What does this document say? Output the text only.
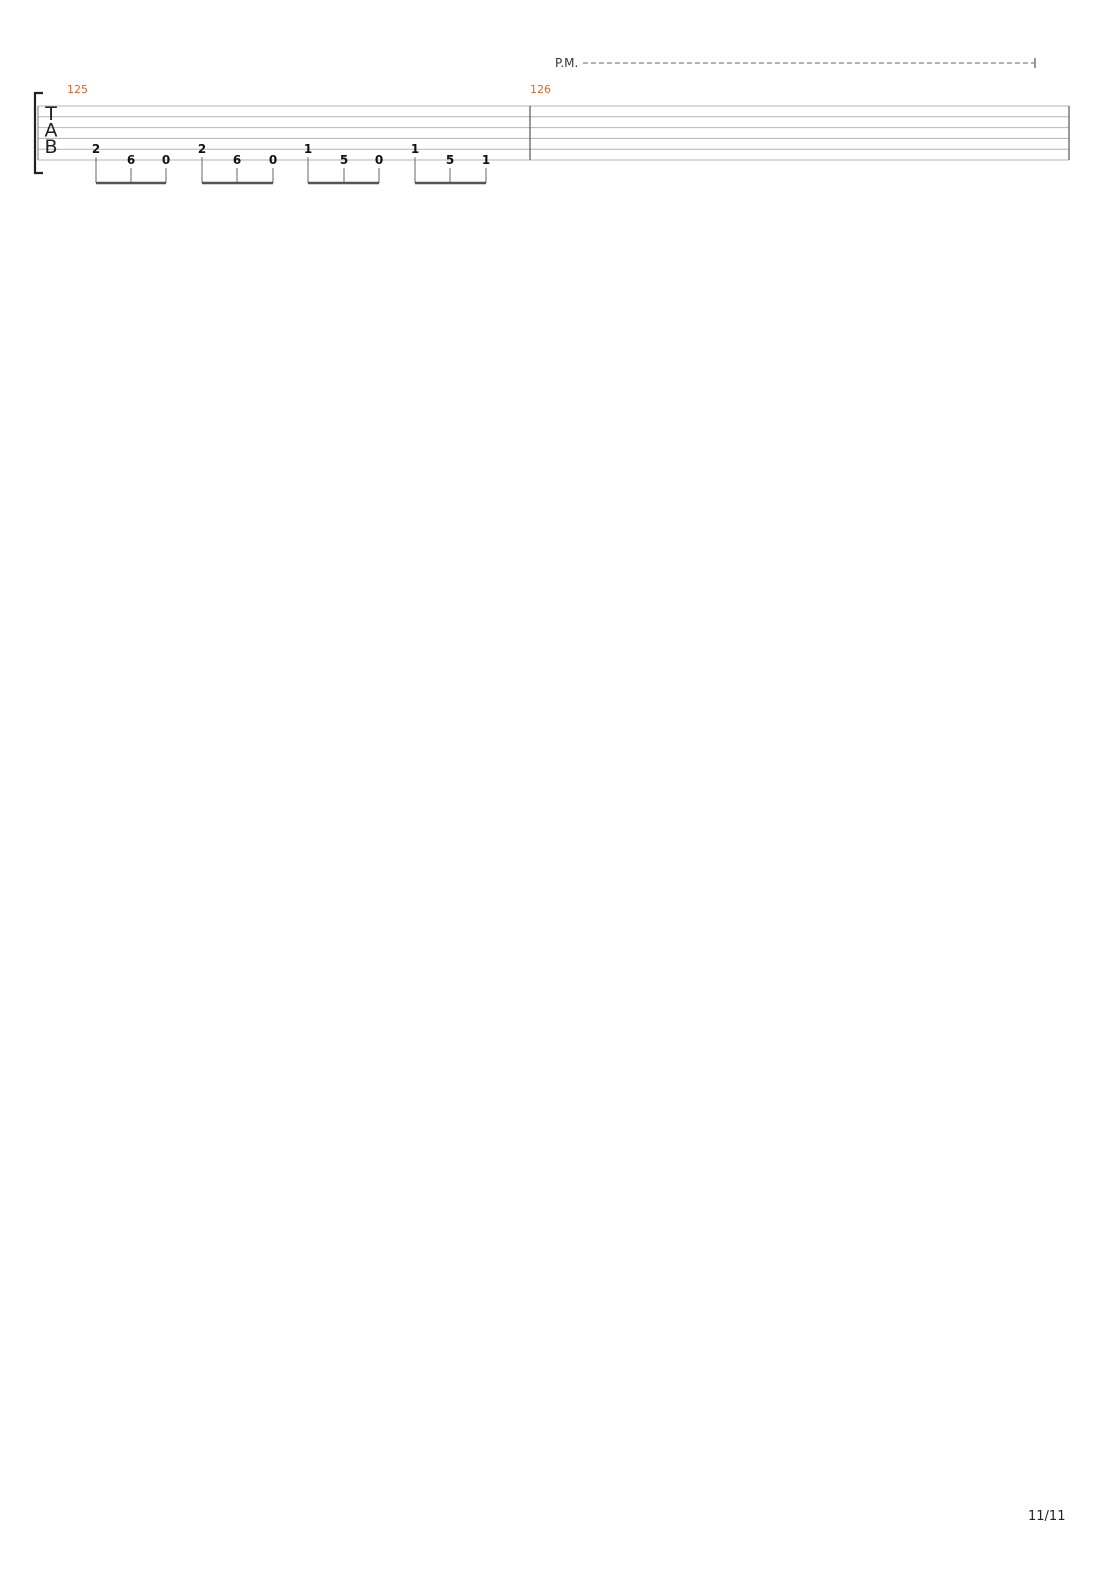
T
A
B
125
2
6 0
2
6 0
1
5 0
1
5 1
126
P.M.
11/11
